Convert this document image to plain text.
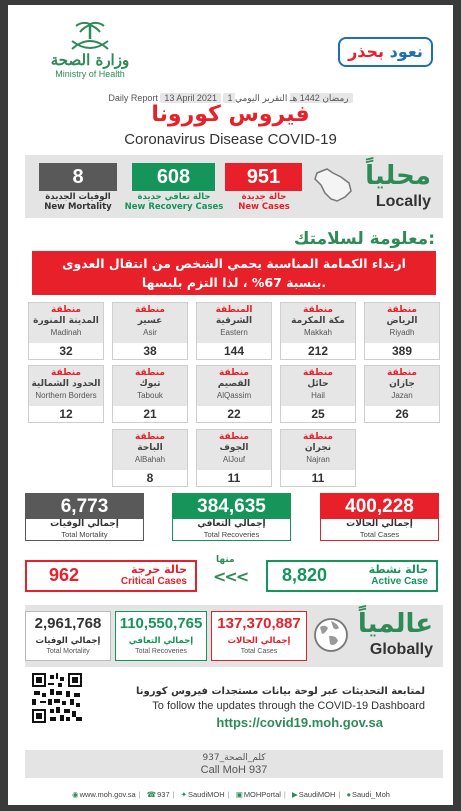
وزارة الصحة
Ministry of Health
نعود بحذر
Daily Report 13 April 2021 1 رمضان 1442 هـ التقرير اليومي
فيروس كورونا
Coronavirus Disease COVID-19
8
الوفيات الجديدة
New Mortality
608
حالة تعافي جديدة
New Recovery Cases
951
حالة جديدة
New Cases
محلياً
Locally
معلومة لسلامتك:
ارتداء الكمامة المناسبة يحمي الشخص من انتقال العدوى
بنسبة 67% ، لذا التزم بلبسها.
منطقة
الرياض
Riyadh
389
منطقة
مكة المكرمة
Makkah
212
المنطقة
الشرقية
Eastern
144
منطقة
عسير
Asir
38
منطقة
المدينة المنورة
Madinah
32
منطقة
جازان
Jazan
26
منطقة
حائل
Hail
25
منطقة
القصيم
AlQassim
22
منطقة
تبوك
Tabouk
21
منطقة
الحدود الشمالية
Northern Borders
12
منطقة
نجران
Najran
11
منطقة
الجوف
AlJouf
11
منطقة
الباحة
AlBahah
8
6,773
إجمالي الوفيات
Total Mortality
384,635
إجمالي التعافي
Total Recoveries
400,228
إجمالي الحالات
Total Cases
962	حالة حرجة
Critical Cases
منها
<<< 8,820	حالة نشطة
Active Case
2,961,768
إجمالي الوفيات
Total Mortality
110,550,765
إجمالي التعافي
Total Recoveries
137,370,887
إجمالي الحالات
Total Cases
عالمياً
Globally
لمتابعة التحديثات عبر لوحة بيانات مستجدات فيروس كورونا
To follow the updates through the COVID-19 Dashboard
https://covid19.moh.gov.sa
كلم_الصحة_937
Call MoH 937
◉www.moh.gov.sa | ☎937 | ✦SaudiMOH | ▣MOHPortal | ▶SaudiMOH | ●Saudi_Moh
